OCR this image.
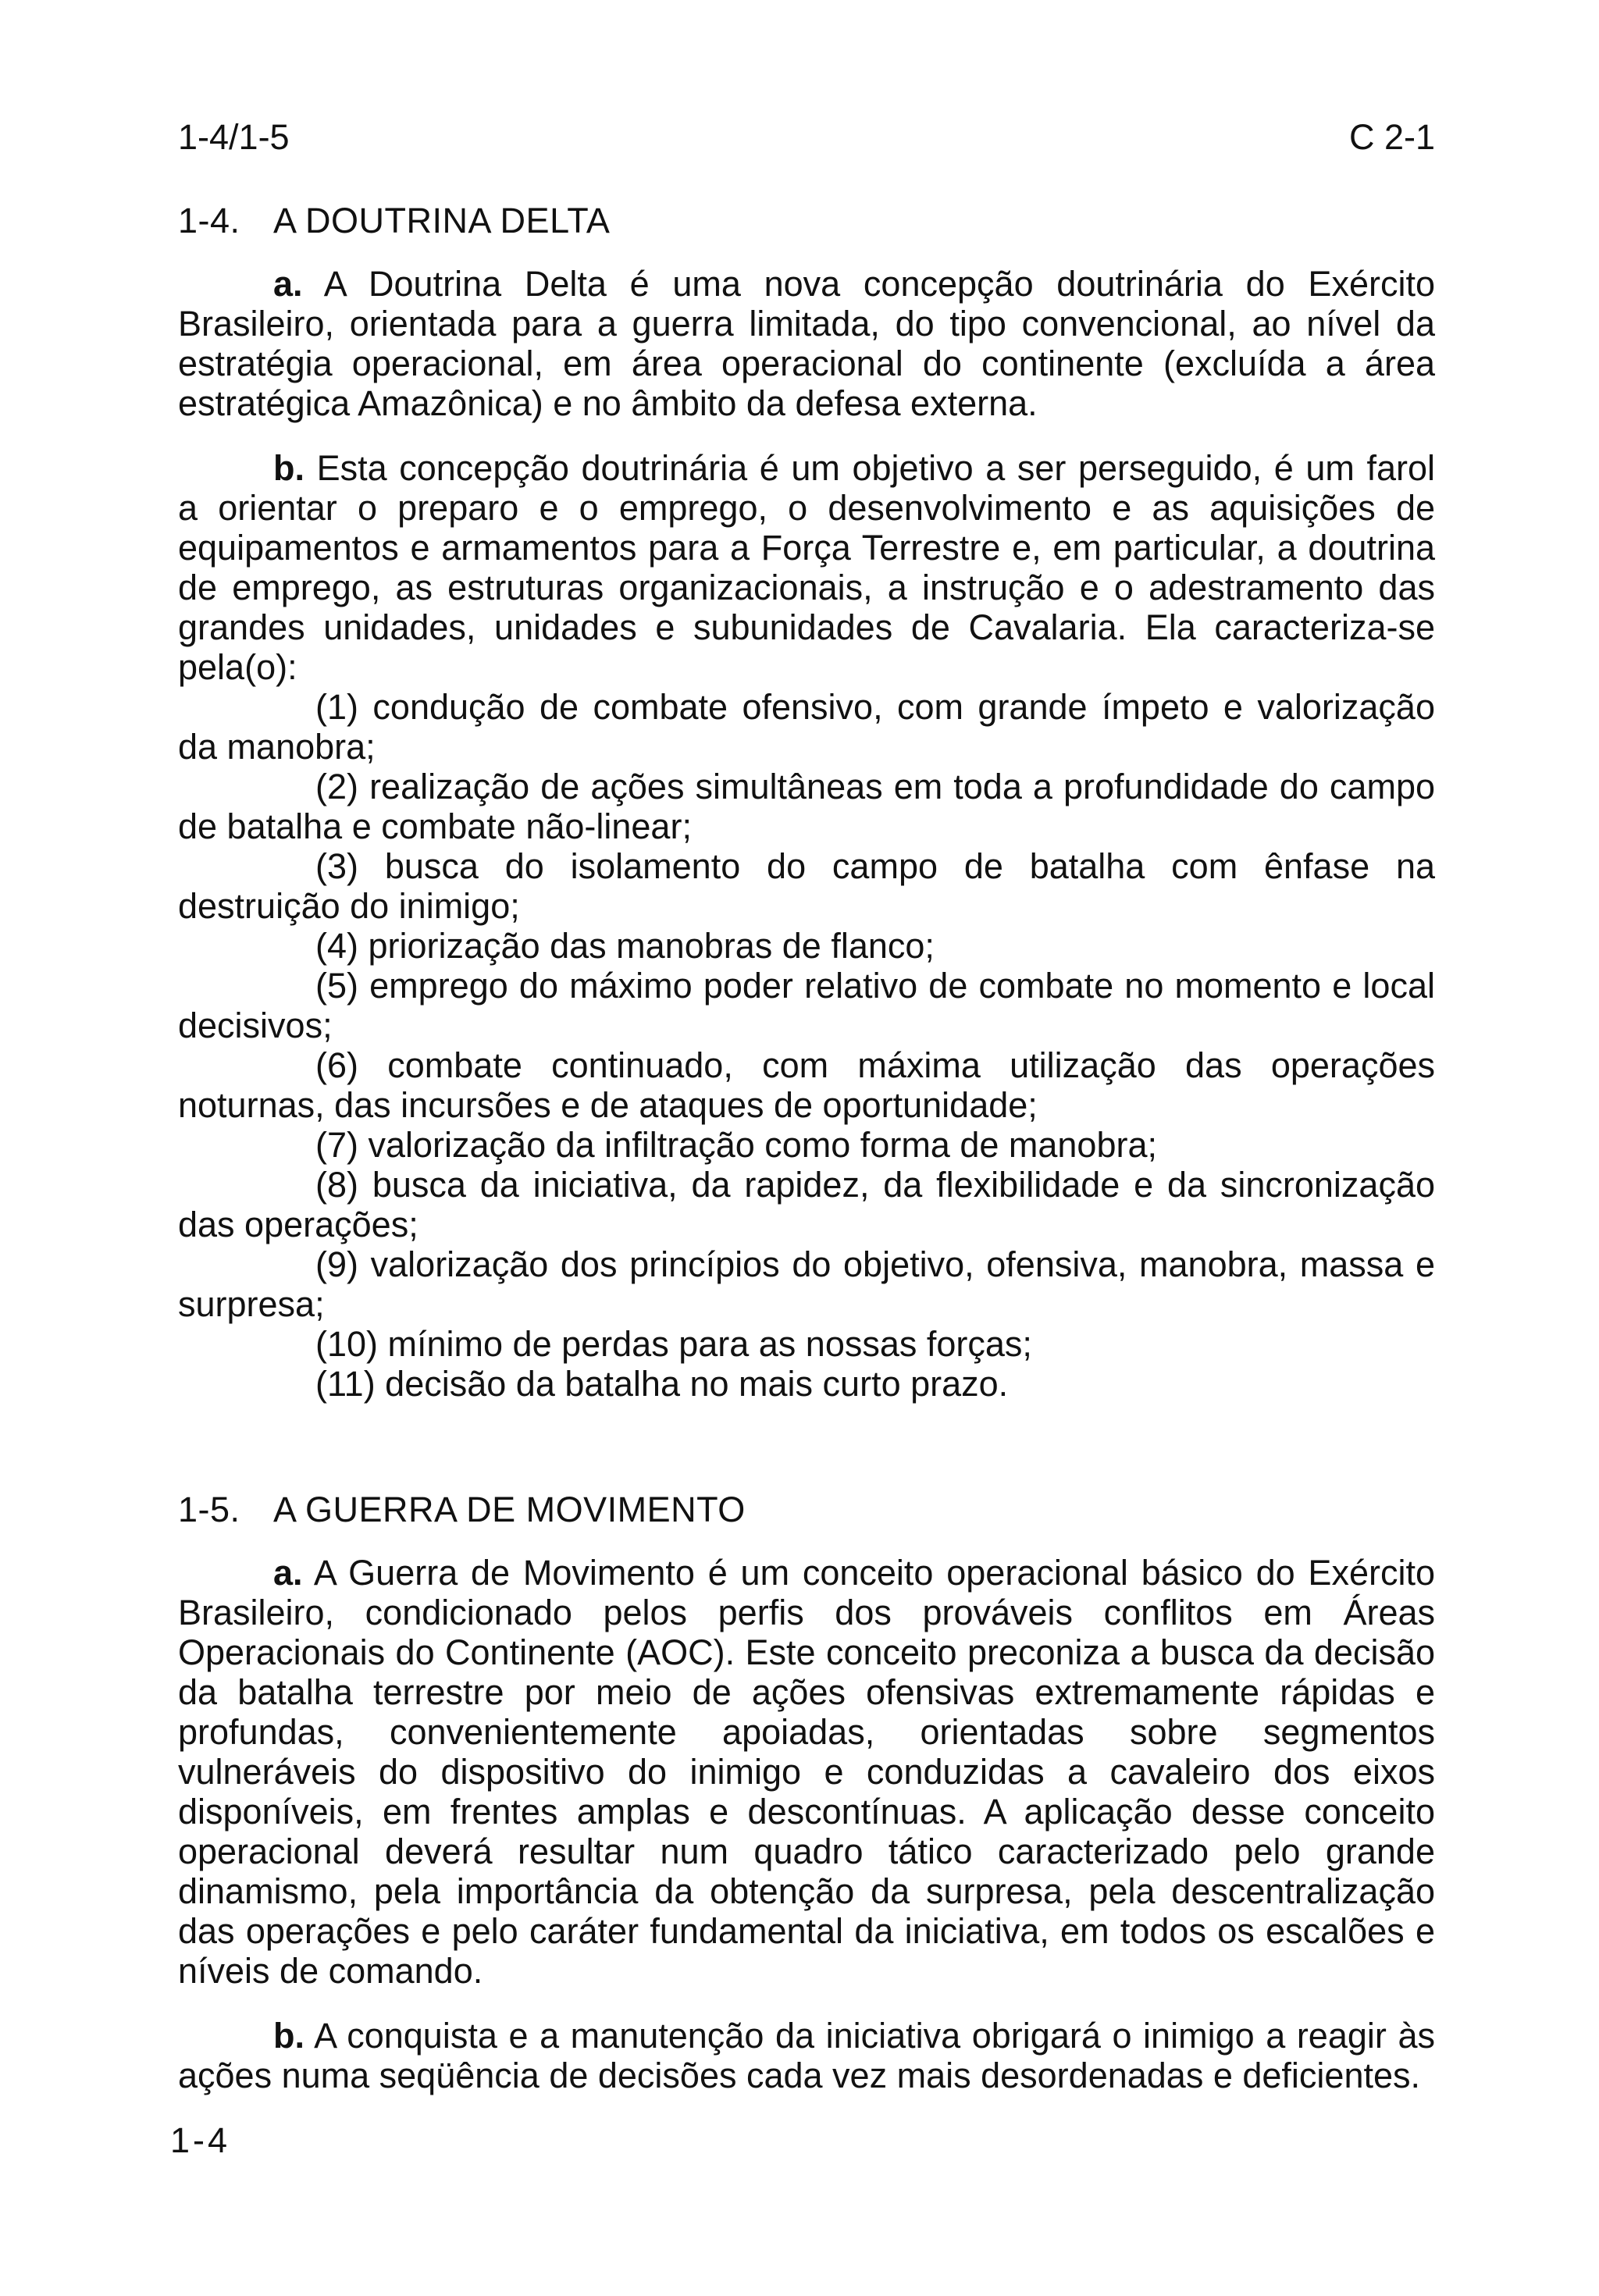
1-4/1-5	C 2-1
1-4. A DOUTRINA DELTA

a. A Doutrina Delta é uma nova concepção doutrinária do Exército Brasileiro, orientada para a guerra limitada, do tipo convencional, ao nível da estratégia operacional, em área operacional do continente (excluída a área estratégica Amazônica) e no âmbito da defesa externa.

b. Esta concepção doutrinária é um objetivo a ser perseguido, é um farol a orientar o preparo e o emprego, o desenvolvimento e as aquisições de equipamentos e armamentos para a Força Terrestre e, em particular, a doutrina de emprego, as estruturas organizacionais, a instrução e o adestramento das grandes unidades, unidades e subunidades de Cavalaria. Ela caracteriza-se pela(o):

(1) condução de combate ofensivo, com grande ímpeto e valorização da manobra;

(2) realização de ações simultâneas em toda a profundidade do campo de batalha e combate não-linear;

(3) busca do isolamento do campo de batalha com ênfase na destruição do inimigo;

(4) priorização das manobras de flanco;

(5) emprego do máximo poder relativo de combate no momento e local decisivos;

(6) combate continuado, com máxima utilização das operações noturnas, das incursões e de ataques de oportunidade;

(7) valorização da infiltração como forma de manobra;

(8) busca da iniciativa, da rapidez, da flexibilidade e da sincronização das operações;

(9) valorização dos princípios do objetivo, ofensiva, manobra, massa e surpresa;

(10) mínimo de perdas para as nossas forças;

(11) decisão da batalha no mais curto prazo.

1-5. A GUERRA DE MOVIMENTO

a. A Guerra de Movimento é um conceito operacional básico do Exército Brasileiro, condicionado pelos perfis dos prováveis conflitos em Áreas Operacionais do Continente (AOC). Este conceito preconiza a busca da decisão da batalha terrestre por meio de ações ofensivas extremamente rápidas e profundas, convenientemente apoiadas, orientadas sobre segmentos vulneráveis do dispositivo do inimigo e conduzidas a cavaleiro dos eixos disponíveis, em frentes amplas e descontínuas. A aplicação desse conceito operacional deverá resultar num quadro tático caracterizado pelo grande dinamismo, pela importância da obtenção da surpresa, pela descentralização das operações e pelo caráter fundamental da iniciativa, em todos os escalões e níveis de comando.

b. A conquista e a manutenção da iniciativa obrigará o inimigo a reagir às ações numa seqüência de decisões cada vez mais desordenadas e deficientes.

1-4
